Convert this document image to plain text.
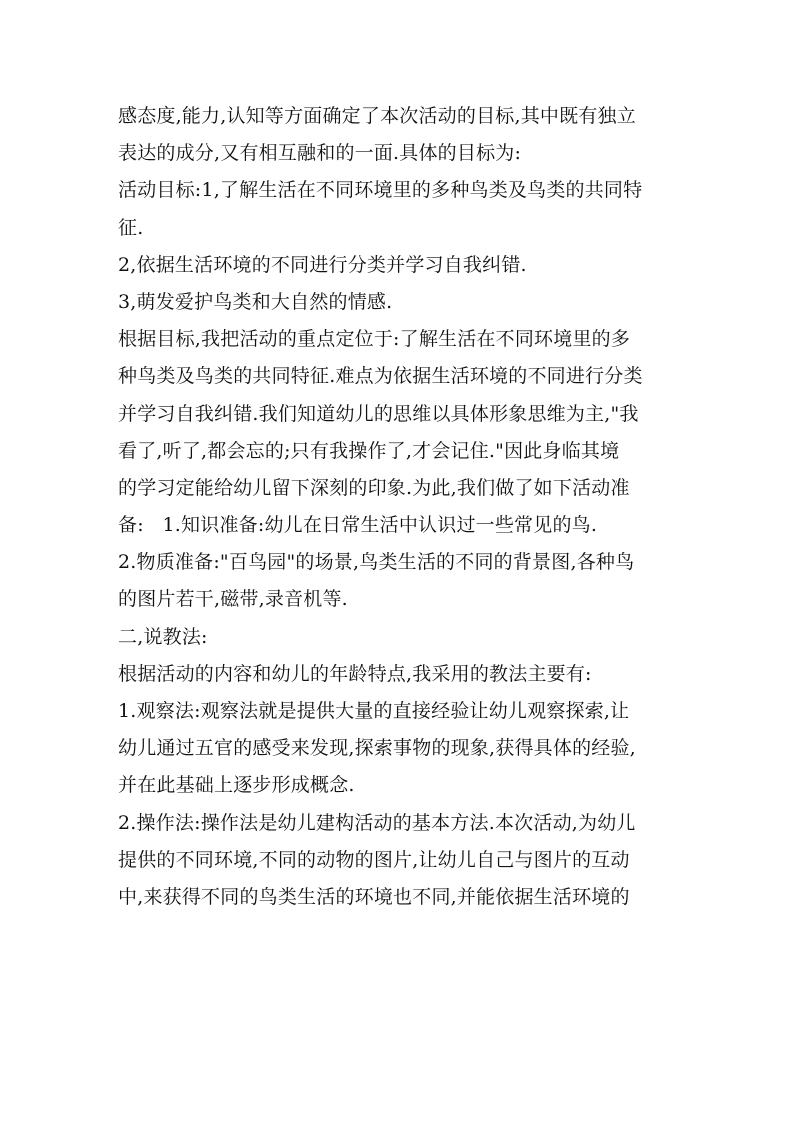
感态度,能力,认知等方面确定了本次活动的目标,其中既有独立
表达的成分,又有相互融和的一面.具体的目标为:
活动目标:1,了解生活在不同环境里的多种鸟类及鸟类的共同特
征.
2,依据生活环境的不同进行分类并学习自我纠错.
3,萌发爱护鸟类和大自然的情感.
根据目标,我把活动的重点定位于:了解生活在不同环境里的多
种鸟类及鸟类的共同特征.难点为依据生活环境的不同进行分类
并学习自我纠错.我们知道幼儿的思维以具体形象思维为主,"我
看了,听了,都会忘的;只有我操作了,才会记住."因此身临其境
的学习定能给幼儿留下深刻的印象.为此,我们做了如下活动准
备:   1.知识准备:幼儿在日常生活中认识过一些常见的鸟.
2.物质准备:"百鸟园"的场景,鸟类生活的不同的背景图,各种鸟
的图片若干,磁带,录音机等.
二,说教法:
根据活动的内容和幼儿的年龄特点,我采用的教法主要有:
1.观察法:观察法就是提供大量的直接经验让幼儿观察探索,让
幼儿通过五官的感受来发现,探索事物的现象,获得具体的经验,
并在此基础上逐步形成概念.
2.操作法:操作法是幼儿建构活动的基本方法.本次活动,为幼儿
提供的不同环境,不同的动物的图片,让幼儿自己与图片的互动
中,来获得不同的鸟类生活的环境也不同,并能依据生活环境的
